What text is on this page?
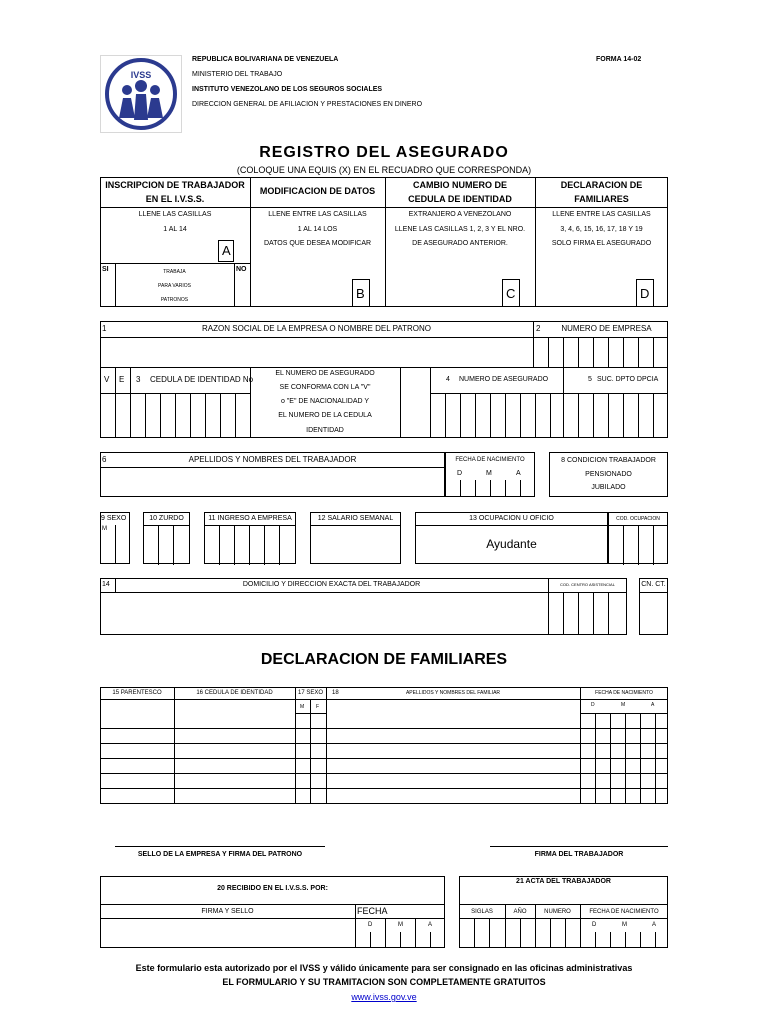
IVSS
REPUBLICA BOLIVARIANA DE VENEZUELA
MINISTERIO DEL TRABAJO
INSTITUTO VENEZOLANO DE LOS SEGUROS SOCIALES
DIRECCION GENERAL DE AFILIACION Y PRESTACIONES EN DINERO
FORMA 14-02
REGISTRO DEL ASEGURADO
(COLOQUE UNA EQUIS (X) EN EL RECUADRO QUE CORRESPONDA)
INSCRIPCION DE TRABAJADOR
EN EL I.V.S.S.
LLENE LAS CASILLAS
1 AL 14
A
SI	NO
TRABAJA
PARA VARIOS
PATRONOS
MODIFICACION DE DATOS
LLENE ENTRE LAS CASILLAS
1 AL 14 LOS
DATOS QUE DESEA MODIFICAR
B
CAMBIO NUMERO DE
CEDULA DE IDENTIDAD
EXTRANJERO A VENEZOLANO
LLENE LAS CASILLAS 1, 2, 3 Y EL NRO.
DE ASEGURADO ANTERIOR.
C
DECLARACION DE
FAMILIARES
LLENE ENTRE LAS CASILLAS
3, 4, 6, 15, 16, 17, 18 Y 19
SOLO FIRMA EL ASEGURADO
D
1	RAZON SOCIAL DE LA EMPRESA O NOMBRE DEL PATRONO	2	NUMERO DE EMPRESA
V E 3 CEDULA DE IDENTIDAD No
EL NUMERO DE ASEGURADO
SE CONFORMA CON LA "V"
o "E" DE NACIONALIDAD Y
EL NUMERO DE LA CEDULA
IDENTIDAD
4 NUMERO DE ASEGURADO	5 SUC. DPTO DPCIA
6	APELLIDOS Y NOMBRES DEL TRABAJADOR	FECHA DE NACIMIENTO
D	M	A
8 CONDICION TRABAJADOR
PENSIONADO
JUBILADO
9 SEXO
M
10 ZURDO	11 INGRESO A EMPRESA	12 SALARIO SEMANAL	13 OCUPACION U OFICIO
Ayudante
COD. OCUPACION
14	DOMICILIO Y DIRECCION EXACTA DEL TRABAJADOR	COD. CENTRO ASISTENCIAL	CN. CT.
DECLARACION DE FAMILIARES
15 PARENTESCO	16 CEDULA DE IDENTIDAD	17 SEXO 18	APELLIDOS Y NOMBRES DEL FAMILIAR	FECHA DE NACIMIENTO
M F	D	M	A
SELLO DE LA EMPRESA Y FIRMA DEL PATRONO	FIRMA DEL TRABAJADOR
20 RECIBIDO EN EL I.V.S.S. POR:
FIRMA Y SELLO	FECHA
D	M	A
21 ACTA DEL TRABAJADOR
SIGLAS	AÑO	NUMERO	FECHA DE NACIMIENTO
D	M	A
Este formulario esta autorizado por el IVSS y válido únicamente para ser consignado en las oficinas administrativas
EL FORMULARIO Y SU TRAMITACION SON COMPLETAMENTE GRATUITOS
www.ivss.gov.ve
